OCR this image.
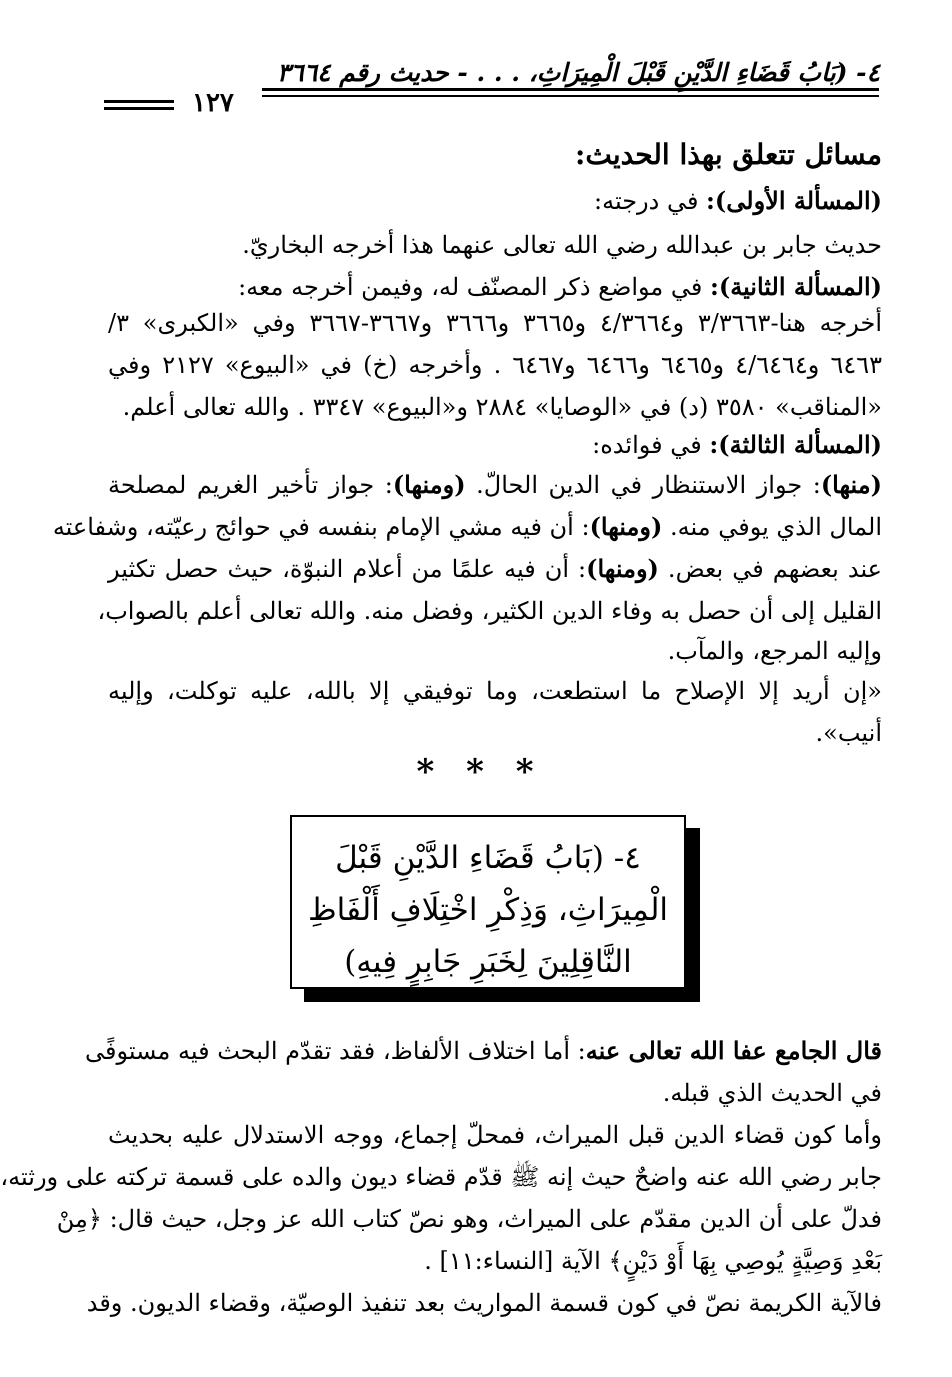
٤- (بَابُ قَضَاءِ الدَّيْنِ قَبْلَ الْمِيرَاثِ، . . . - حديث رقم ٣٦٦٤
١٢٧
مسائل تتعلق بهذا الحديث:
(المسألة الأولى): في درجته:
حديث جابر بن عبدالله رضي الله تعالى عنهما هذا أخرجه البخاريّ.
(المسألة الثانية): في مواضع ذكر المصنّف له، وفيمن أخرجه معه:
أخرجه هنا-٣/٣٦٦٣ و٤/٣٦٦٤ و٣٦٦٥ و٣٦٦٦ و٣٦٦٧-٣٦٦٧ وفي «الكبرى» ٣/
٦٤٦٣ و٤/٦٤٦٤ و٦٤٦٥ و٦٤٦٦ و٦٤٦٧ . وأخرجه (خ) في «البيوع» ٢١٢٧ وفي
«المناقب» ٣٥٨٠ (د) في «الوصايا» ٢٨٨٤ و«البيوع» ٣٣٤٧ . والله تعالى أعلم.
(المسألة الثالثة): في فوائده:
(منها): جواز الاستنظار في الدين الحالّ. (ومنها): جواز تأخير الغريم لمصلحة
المال الذي يوفي منه. (ومنها): أن فيه مشي الإمام بنفسه في حوائج رعيّته، وشفاعته
عند بعضهم في بعض. (ومنها): أن فيه علمًا من أعلام النبوّة، حيث حصل تكثير
القليل إلى أن حصل به وفاء الدين الكثير، وفضل منه. والله تعالى أعلم بالصواب،
وإليه المرجع، والمآب.
«إن أريد إلا الإصلاح ما استطعت، وما توفيقي إلا بالله، عليه توكلت، وإليه
أنيب».
* * *
٤- (بَابُ قَضَاءِ الدَّيْنِ قَبْلَ
الْمِيرَاثِ، وَذِكْرِ اخْتِلَافِ أَلْفَاظِ
النَّاقِلِينَ لِخَبَرِ جَابِرٍ فِيهِ)
قال الجامع عفا الله تعالى عنه: أما اختلاف الألفاظ، فقد تقدّم البحث فيه مستوفًى
في الحديث الذي قبله.
وأما كون قضاء الدين قبل الميراث، فمحلّ إجماع، ووجه الاستدلال عليه بحديث
جابر رضي الله عنه واضحٌ حيث إنه ﷺ قدّم قضاء ديون والده على قسمة تركته على ورثته،
فدلّ على أن الدين مقدّم على الميراث، وهو نصّ كتاب الله عز وجل، حيث قال: ﴿مِنْ
بَعْدِ وَصِيَّةٍ يُوصِي بِهَا أَوْ دَيْنٍ﴾ الآية [النساء:١١] .
فالآية الكريمة نصّ في كون قسمة المواريث بعد تنفيذ الوصيّة، وقضاء الديون. وقد
